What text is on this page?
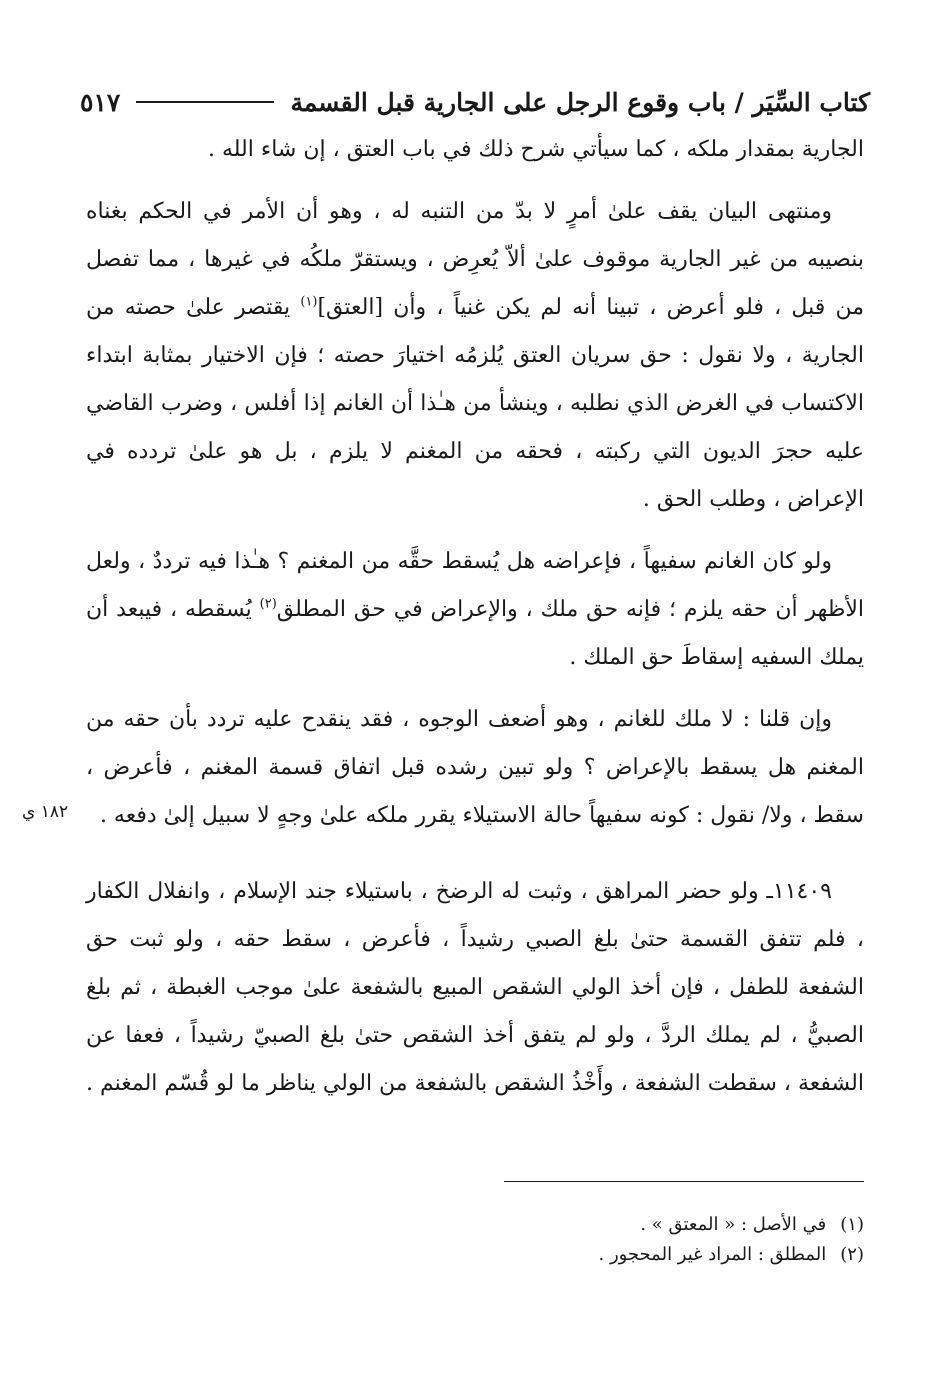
كتاب السِّيَر / باب وقوع الرجل على الجارية قبل القسمة
٥١٧

الجارية بمقدار ملكه ، كما سيأتي شرح ذلك في باب العتق ، إن شاء الله .

ومنتهى البيان يقف علىٰ أمرٍ لا بدّ من التنبه له ، وهو أن الأمر في الحكم بغناه بنصيبه من غير الجارية موقوف علىٰ ألاّ يُعرِض ، ويستقرّ ملكُه في غيرها ، مما تفصل من قبل ، فلو أعرض ، تبينا أنه لم يكن غنياً ، وأن [العتق]$^{(١)}$ يقتصر علىٰ حصته من الجارية ، ولا نقول : حق سريان العتق يُلزمُه اختيارَ حصته ؛ فإن الاختيار بمثابة ابتداء الاكتساب في الغرض الذي نطلبه ، وينشأ من هـٰذا أن الغانم إذا أفلس ، وضرب القاضي عليه حجرَ الديون التي ركبته ، فحقه من المغنم لا يلزم ، بل هو علىٰ تردده في الإعراض ، وطلب الحق .

ولو كان الغانم سفيهاً ، فإعراضه هل يُسقط حقَّه من المغنم ؟ هـٰذا فيه ترددٌ ، ولعل الأظهر أن حقه يلزم ؛ فإنه حق ملك ، والإعراض في حق المطلق$^{(٢)}$ يُسقطه ، فيبعد أن يملك السفيه إسقاطَ حق الملك .

وإن قلنا : لا ملك للغانم ، وهو أضعف الوجوه ، فقد ينقدح عليه تردد بأن حقه من المغنم هل يسقط بالإعراض ؟ ولو تبين رشده قبل اتفاق قسمة المغنم ، فأعرض ، سقط ، ولا/ نقول : كونه سفيهاً حالة الاستيلاء يقرر ملكه علىٰ وجهٍ لا سبيل إلىٰ دفعه .

١١٤٠٩ـ ولو حضر المراهق ، وثبت له الرضخ ، باستيلاء جند الإسلام ، وانفلال الكفار ، فلم تتفق القسمة حتىٰ بلغ الصبي رشيداً ، فأعرض ، سقط حقه ، ولو ثبت حق الشفعة للطفل ، فإن أخذ الولي الشقص المبيع بالشفعة علىٰ موجب الغبطة ، ثم بلغ الصبيُّ ، لم يملك الردَّ ، ولو لم يتفق أخذ الشقص حتىٰ بلغ الصبيّ رشيداً ، فعفا عن الشفعة ، سقطت الشفعة ، وأَخْذُ الشقص بالشفعة من الولي يناظر ما لو قُسّم المغنم .

١٨٢ ي
(١)
في الأصل : « المعتق » .
(٢)
المطلق : المراد غير المحجور .
